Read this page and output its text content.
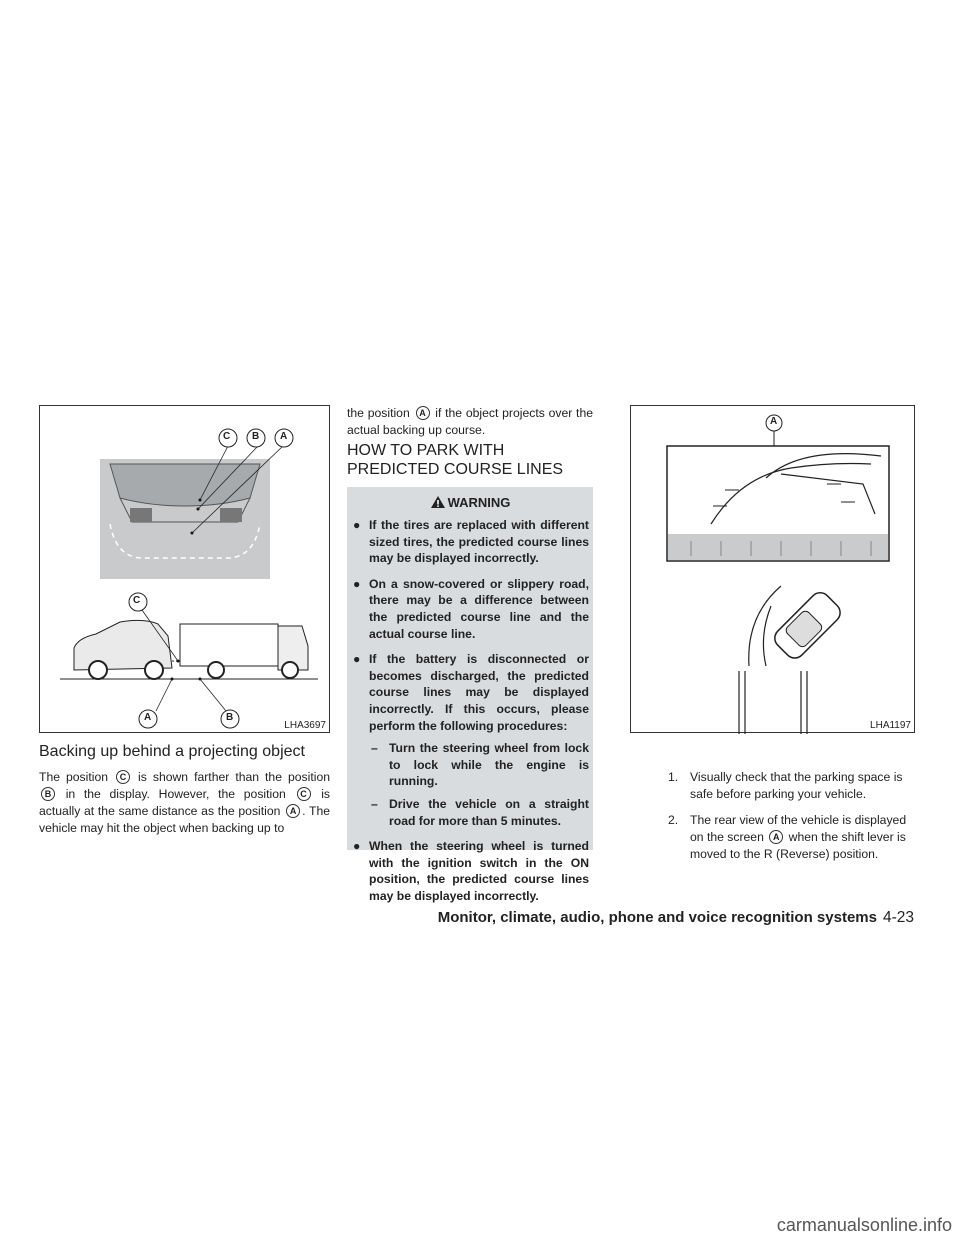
C B A
C
A	B
LHA3697
Backing up behind a projecting object
The position C is shown farther than the position B in the display. However, the position C is actually at the same distance as the position A . The vehicle may hit the object when backing up to
the position A if the object projects over the actual backing up course.
HOW TO PARK WITH PREDICTED COURSE LINES
WARNING
● If the tires are replaced with different sized tires, the predicted course lines may be displayed incorrectly.
● On a snow-covered or slippery road, there may be a difference between the predicted course line and the actual course line.
● If the battery is disconnected or becomes discharged, the predicted course lines may be displayed incorrectly. If this occurs, please perform the following procedures:
– Turn the steering wheel from lock to lock while the engine is running.
– Drive the vehicle on a straight road for more than 5 minutes.
● When the steering wheel is turned with the ignition switch in the ON position, the predicted course lines may be displayed incorrectly.
A
LHA1197
1. Visually check that the parking space is safe before parking your vehicle.
2. The rear view of the vehicle is displayed on the screen A when the shift lever is moved to the R (Reverse) position.
Monitor, climate, audio, phone and voice recognition systems 4-23
carmanualsonline.info
